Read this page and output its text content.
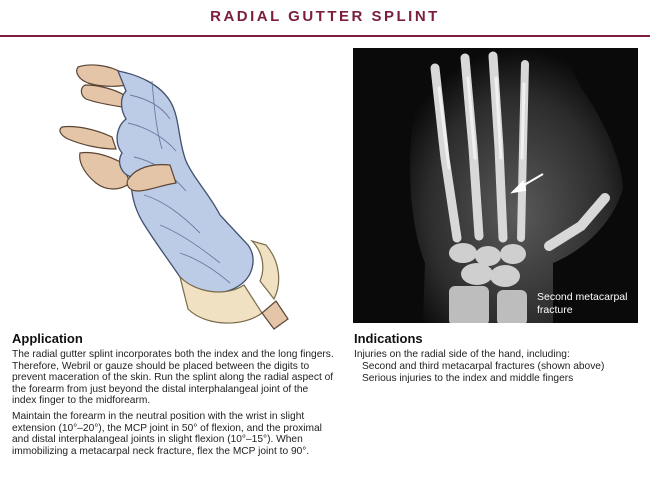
RADIAL GUTTER SPLINT
~
Second metacarpal
fracture
Application
The radial gutter splint incorporates both the index and the long fingers. Therefore, Webril or gauze should be placed between the digits to prevent maceration of the skin. Run the splint along the radial aspect of the forearm from just beyond the distal interphalangeal joint of the index finger to the midforearm.
Maintain the forearm in the neutral position with the wrist in slight extension (10°–20°), the MCP joint in 50° of flexion, and the proximal and distal interphalangeal joints in slight flexion (10°–15°). When immobilizing a metacarpal neck fracture, flex the MCP joint to 90°.
Indications
Injuries on the radial side of the hand, including:
Second and third metacarpal fractures (shown above)
Serious injuries to the index and middle fingers
